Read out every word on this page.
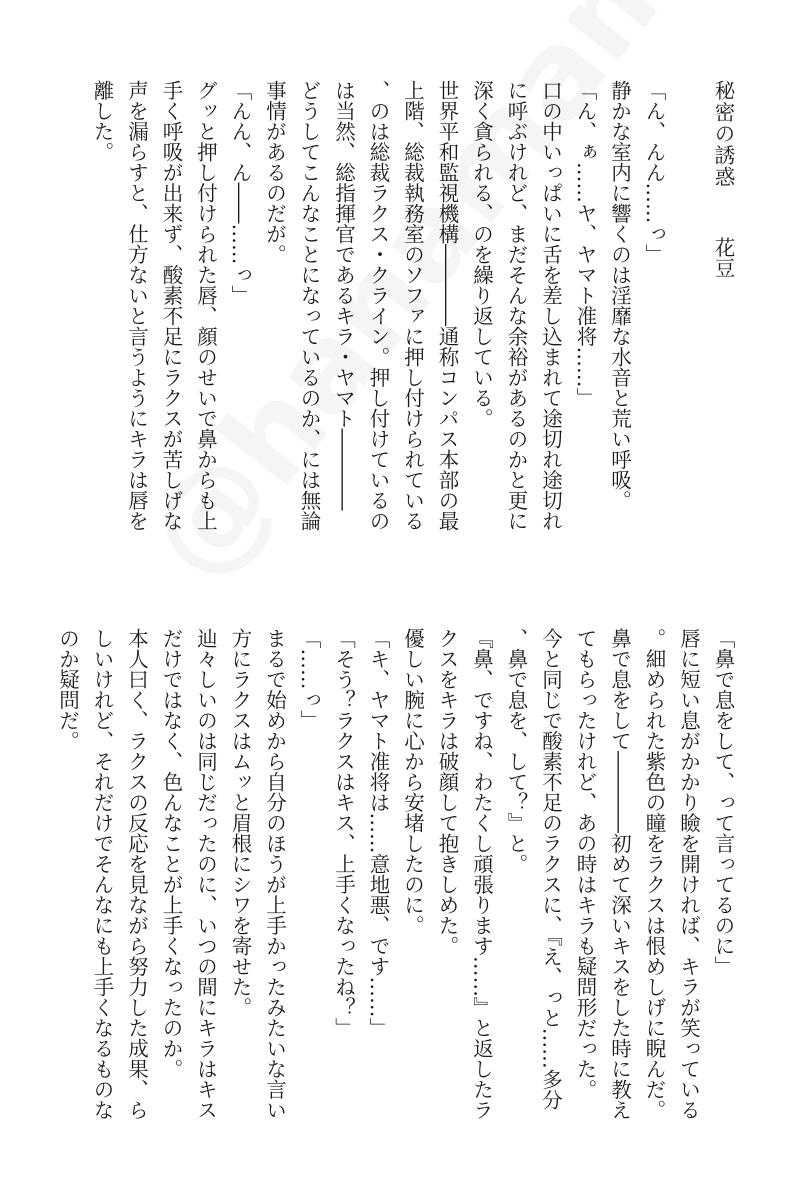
秘密の誘惑花豆

「ん、んん……っ」

静かな室内に響くのは淫靡な水音と荒い呼吸。

「ん、ぁ……ヤ、ヤマト准将……」

口の中いっぱいに舌を差し込まれて途切れ途切れ
に呼ぶけれど、まだそんな余裕があるのかと更に
深く貪られる、のを繰り返している。

世界平和監視機構――――通称コンパス本部の最
上階、総裁執務室のソファに押し付けられている
、のは総裁ラクス・クライン。押し付けているの
は当然、総指揮官であるキラ・ヤマト――――

どうしてこんなことになっているのか、には無論
事情があるのだが。

「んん、ん――……っ」

グッと押し付けられた唇、顔のせいで鼻からも上
手く呼吸が出来ず、酸素不足にラクスが苦しげな
声を漏らすと、仕方ないと言うようにキラは唇を
離した。

「鼻で息をして、って言ってるのに」

唇に短い息がかかり瞼を開ければ、キラが笑っている
。細められた紫色の瞳をラクスは恨めしげに睨んだ。
鼻で息をして――――初めて深いキスをした時に教え
てもらったけれど、あの時はキラも疑問形だった。

今と同じで酸素不足のラクスに、『え、っと……多分
、鼻で息を、して？』と。

『鼻、ですね、わたくし頑張ります……』と返したラ
クスをキラは破顔して抱きしめた。

優しい腕に心から安堵したのに。

「キ、ヤマト准将は……意地悪、です……」

「そう？ラクスはキス、上手くなったね？」

「……っ」

まるで始めから自分のほうが上手かったみたいな言い
方にラクスはムッと眉根にシワを寄せた。

辿々しいのは同じだったのに、いつの間にキラはキス
だけではなく、色んなことが上手くなったのか。

本人曰く、ラクスの反応を見ながら努力した成果、ら
しいけれど、それだけでそんなにも上手くなるものな
のか疑問だ。
